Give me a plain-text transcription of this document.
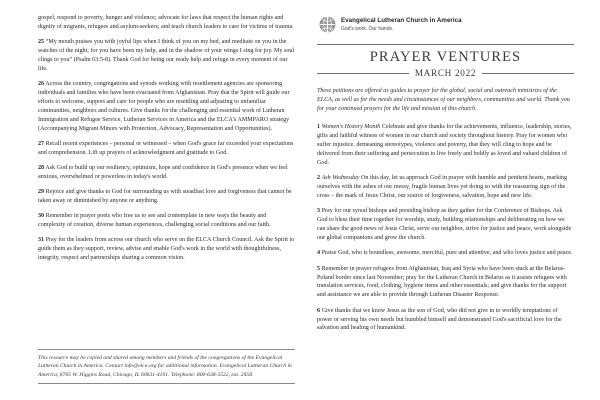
gospel; respond to poverty, hunger and violence; advocate for laws that respect the human rights and dignity of migrants, refugees and asylum-seekers; and teach church leaders to care for victims of trauma.

25 “My mouth praises you with joyful lips when I think of you on my bed, and meditate on you in the watches of the night; for you have been my help, and in the shadow of your wings I sing for joy. My soul clings to you” (Psalm 63:5-8). Thank God for being our ready help and refuge in every moment of our life.

26 Across the country, congregations and synods working with resettlement agencies are sponsoring individuals and families who have been evacuated from Afghanistan. Pray that the Spirit will guide our efforts to welcome, support and care for people who are resettling and adjusting to unfamiliar communities, neighbors and cultures. Give thanks for the challenging and essential work of Lutheran Immigration and Refugee Service, Lutheran Services in America and the ELCA's AMMPARO strategy (Accompanying Migrant Minors with Protection, Advocacy, Representation and Opportunities).

27 Recall recent experiences – personal or witnessed – when God's grace far exceeded your expectations and comprehension. Lift up prayers of acknowledgment and gratitude to God.

28 Ask God to build up our resiliency, optimism, hope and confidence in God's presence when we feel anxious, overwhelmed or powerless in today's world.

29 Rejoice and give thanks to God for surrounding us with steadfast love and forgiveness that cannot be taken away or diminished by anyone or anything.

30 Remember in prayer poets who free us to see and contemplate in new ways the beauty and complexity of creation, diverse human experiences, challenging social conditions and our faith.

31 Pray for the leaders from across our church who serve on the ELCA Church Council. Ask the Spirit to guide them as they support, review, advise and enable God's work in the world with thoughtfulness, integrity, respect and partnerships sharing a common vision.

This resource may be copied and shared among members and friends of the congregations of the Evangelical Lutheran Church in America. Contact info@elca.org for additional information. Evangelical Lutheran Church in America, 8765 W. Higgins Road, Chicago, IL 60631-4101. Telephone: 800-638-3522, ext. 2458.

Evangelical Lutheran Church in America
God's work. Our hands.
PRAYER VENTURES
MARCH 2022

These petitions are offered as guides to prayer for the global, social and outreach ministries of the ELCA, as well as for the needs and circumstances of our neighbors, communities and world. Thank you for your continued prayers for the life and mission of this church.

1 Women's History Month Celebrate and give thanks for the achievements, influence, leadership, stories, gifts and faithful witness of women in our church and society throughout history. Pray for women who suffer injustice, demeaning stereotypes, violence and poverty, that they will cling to hope and be delivered from their suffering and persecution to live freely and boldly as loved and valued children of God.

2 Ash Wednesday On this day, let us approach God in prayer with humble and penitent hearts, marking ourselves with the ashes of our messy, fragile human lives yet doing so with the reassuring sign of the cross – the mark of Jesus Christ, our source of forgiveness, salvation, hope and new life.

3 Pray for our synod bishops and presiding bishop as they gather for the Conference of Bishops. Ask God to bless their time together for worship, study, building relationships and deliberating on how we can share the good news of Jesus Christ, serve our neighbor, strive for justice and peace, work alongside our global companions and grow the church.

4 Praise God, who is boundless, awesome, merciful, pure and attentive, and who loves justice and peace.

5 Remember in prayer refugees from Afghanistan, Iraq and Syria who have been stuck at the Belarus-Poland border since last November; pray for the Lutheran Church in Belarus as it assists refugees with translation services, food, clothing, hygiene items and other essentials; and give thanks for the support and assistance we are able to provide through Lutheran Disaster Response.

6 Give thanks that we know Jesus as the son of God, who did not give in to worldly temptations of power or serving his own needs but humbled himself and demonstrated God's sacrificial love for the salvation and healing of humankind.
